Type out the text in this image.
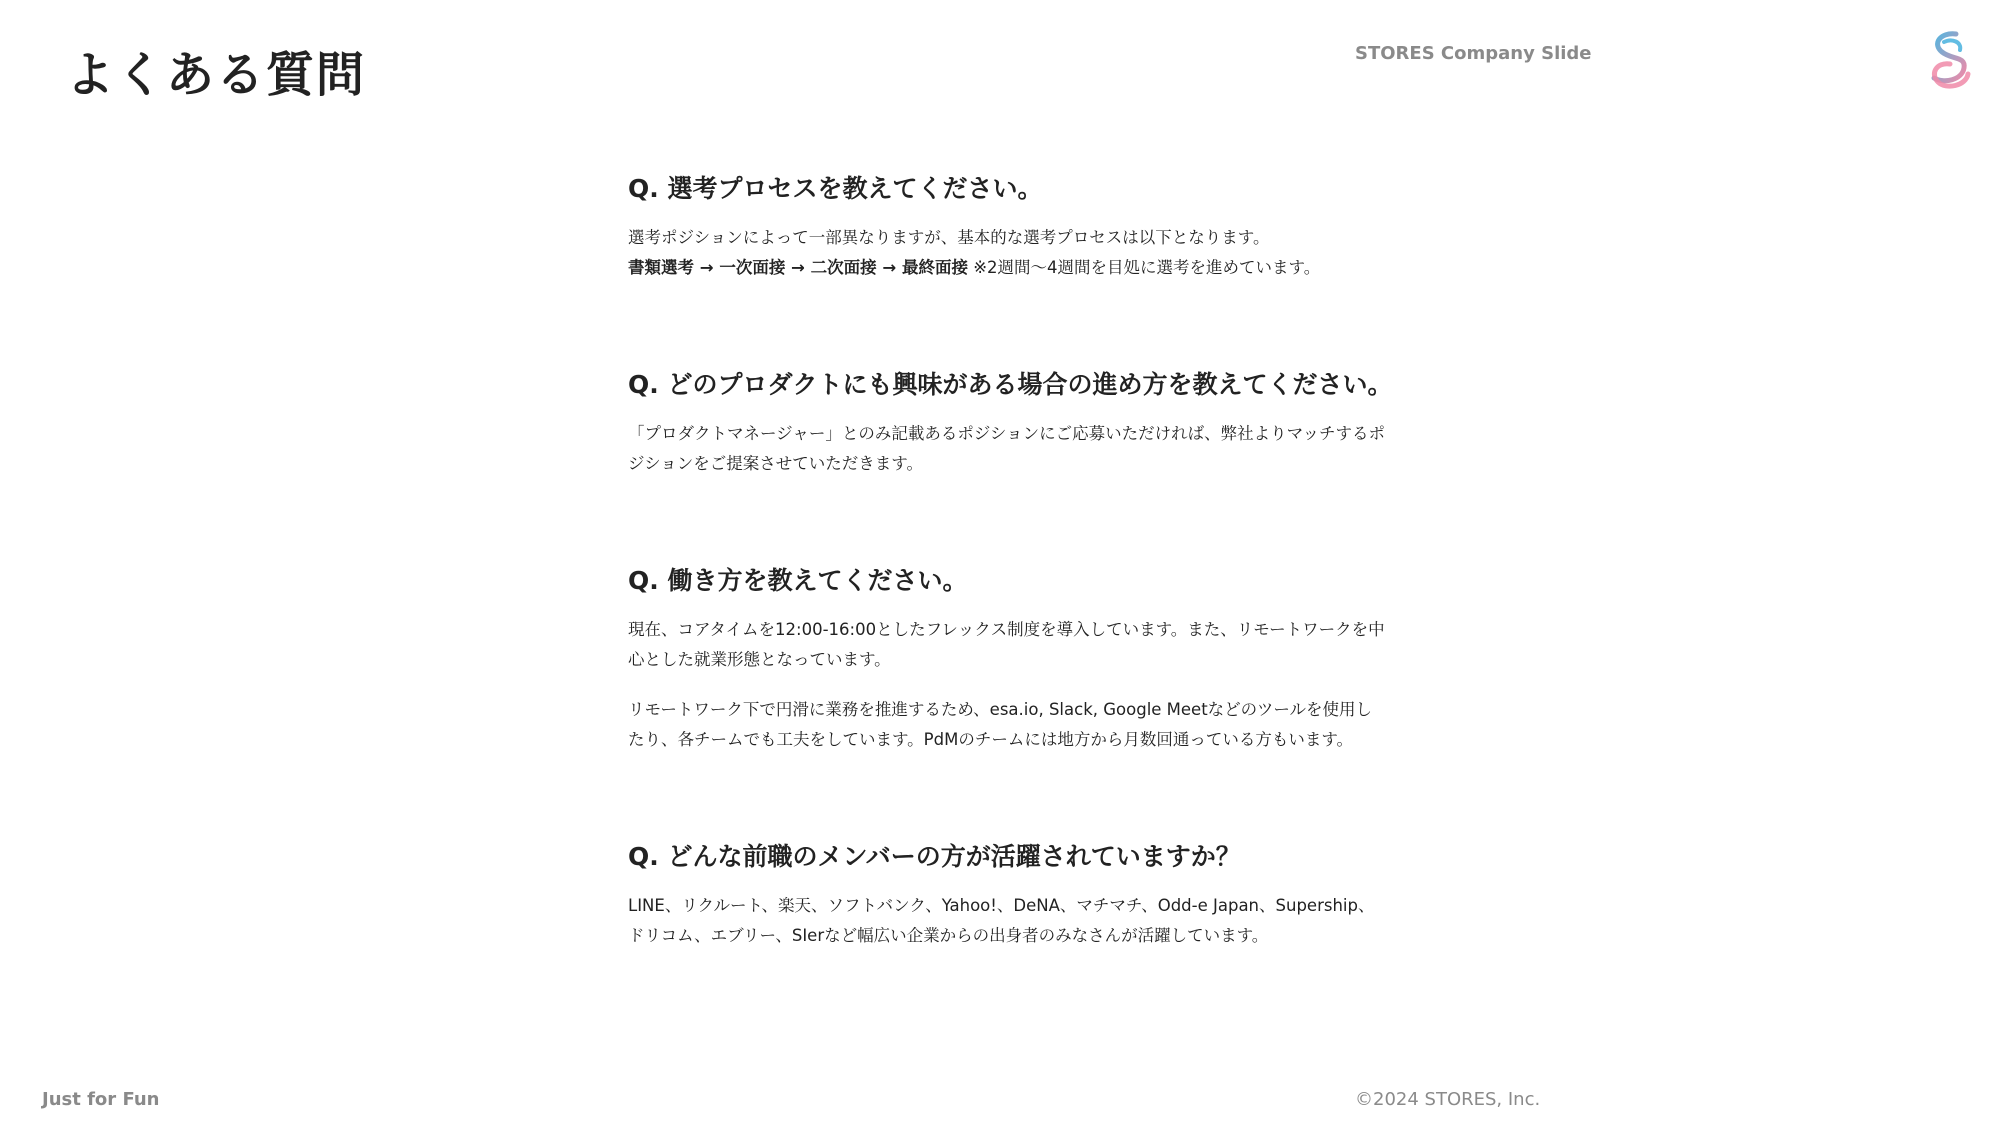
よくある質問	STORES Company Slide
Q. 選考プロセスを教えてください。

選考ポジションによって一部異なりますが、基本的な選考プロセスは以下となります。
書類選考 → 一次面接 → 二次面接 → 最終面接 ※2週間〜4週間を目処に選考を進めています。

Q. どのプロダクトにも興味がある場合の進め方を教えてください。

「プロダクトマネージャー」とのみ記載あるポジションにご応募いただければ、弊社よりマッチするポジションをご提案させていただきます。

Q. 働き方を教えてください。

現在、コアタイムを12:00-16:00としたフレックス制度を導入しています。また、リモートワークを中心とした就業形態となっています。

リモートワーク下で円滑に業務を推進するため、esa.io, Slack, Google Meetなどのツールを使用したり、各チームでも工夫をしています。PdMのチームには地方から月数回通っている方もいます。

Q. どんな前職のメンバーの方が活躍されていますか？

LINE、リクルート、楽天、ソフトバンク、Yahoo!、DeNA、マチマチ、Odd-e Japan、Supership、ドリコム、エブリー、SIerなど幅広い企業からの出身者のみなさんが活躍しています。

Just for Fun	©2024 STORES, Inc.
